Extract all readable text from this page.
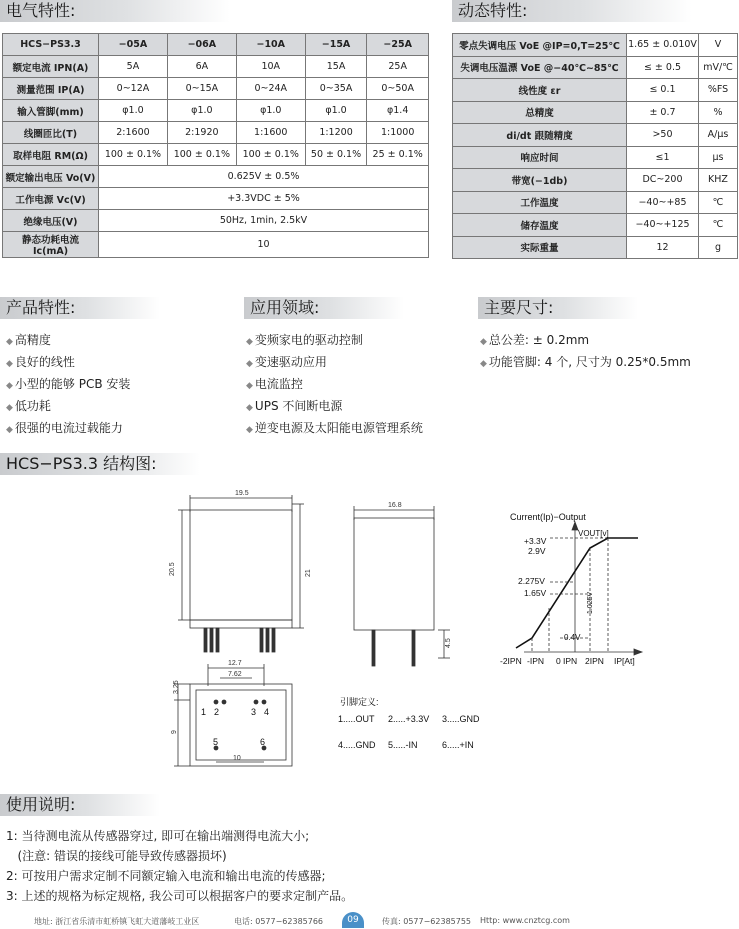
电气特性:	动态特性:
产品特性:	应用领域:	主要尺寸:
HCS−PS3.3 结构图:
使用说明:
HCS−PS3.3	−05A	−06A	−10A	−15A	−25A
额定电流 IPN(A)	5A	6A	10A	15A	25A
测量范围 IP(A)	0~12A	0~15A	0~24A	0~35A	0~50A
输入管脚(mm)	φ1.0	φ1.0	φ1.0	φ1.0	φ1.4
线圈匝比(T)	2:1600	2:1920	1:1600	1:1200	1:1000
取样电阻 RM(Ω)	100 ± 0.1%	100 ± 0.1%	100 ± 0.1%	50 ± 0.1%	25 ± 0.1%
额定输出电压 Vo(V)	0.625V ± 0.5%				
工作电源 Vc(V)	+3.3VDC ± 5%				
绝缘电压(V)	50Hz, 1min, 2.5kV				
静态功耗电流 Ic(mA)	10				
零点失调电压 VoE @IP=0,T=25℃	1.65 ± 0.010V	V
失调电压温漂 VoE @−40℃~85℃	≤ ± 0.5	mV/℃
线性度 εr	≤ 0.1	%FS
总精度	± 0.7	%
di/dt 跟随精度	>50	A/μs
响应时间	≤1	μs
带宽(−1db)	DC~200	KHZ
工作温度	−40~+85	℃
储存温度	−40~+125	℃
实际重量	12	g
◆ 高精度
◆ 良好的线性
◆ 小型的能够 PCB 安装
◆ 低功耗
◆ 很强的电流过载能力
◆ 变频家电的驱动控制
◆ 变速驱动应用
◆ 电流监控
◆ UPS 不间断电源
◆ 逆变电源及太阳能电源管理系统
◆ 总公差: ± 0.2mm
◆ 功能管脚: 4 个, 尺寸为 0.25*0.5mm
19.5
20.5	21
16.8
4.5
12.7
7.62
10
3.25
9
1 2	3 4
5	6
引脚定义:
1.....OUT 2.....+3.3V 3.....GND
4.....GND 5.....-IN	6.....+IN
Current(Ip)−Output
VOUT[v]
+3.3V
2.9V
2.275V
1.65V
0.4V
1.025V
-2IPN -IPN 0 IPN 2IPN IP[At]
1: 当待测电流从传感器穿过, 即可在输出端测得电流大小;
(注意: 错误的接线可能导致传感器损坏)
2: 可按用户需求定制不同额定输入电流和输出电流的传感器;
3: 上述的规格为标定规格, 我公司可以根据客户的要求定制产品。
地址: 浙江省乐清市虹桥镇飞虹大道藩岐工业区	电话: 0577−62385766	09	传真: 0577−62385755 Http: www.cnztcg.com
